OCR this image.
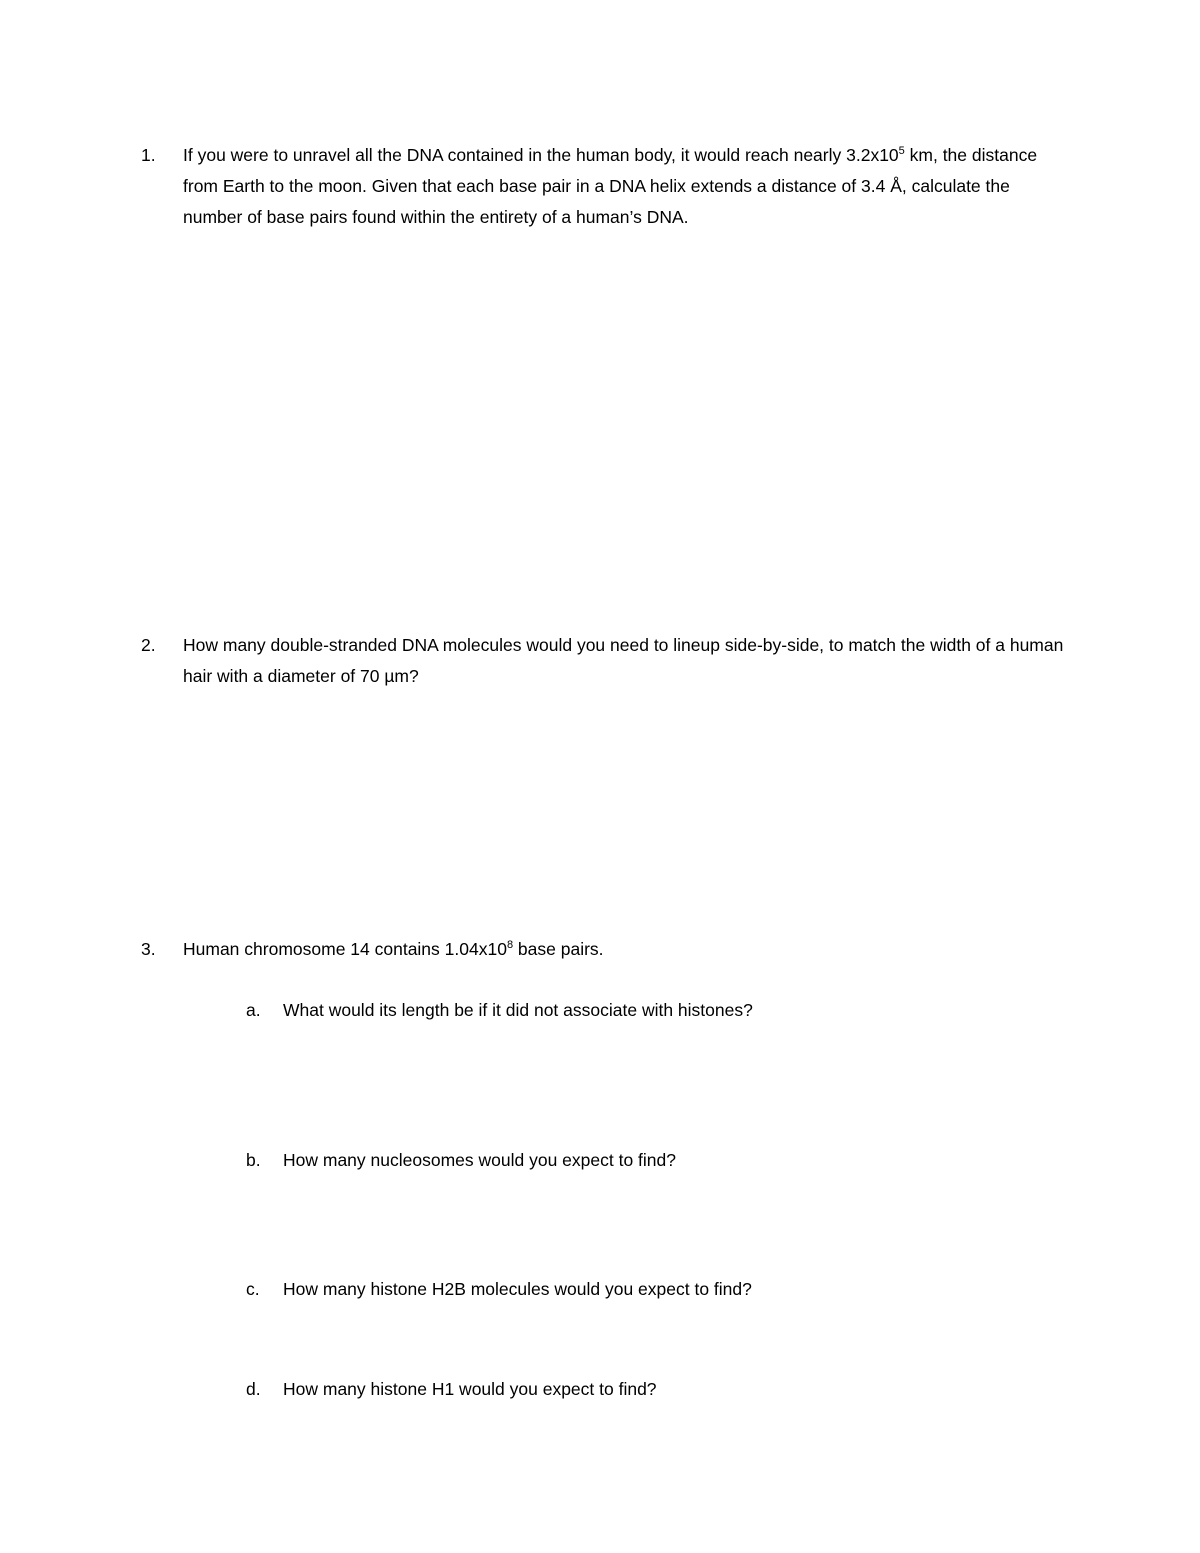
1.	If you were to unravel all the DNA contained in the human body, it would reach nearly $3.2x10^5$ km, the distance from Earth to the moon. Given that each base pair in a DNA helix extends a distance of 3.4 Å, calculate the number of base pairs found within the entirety of a human’s DNA.
2.	How many double-stranded DNA molecules would you need to lineup side-by-side, to match the width of a human hair with a diameter of 70 µm?
3.	Human chromosome 14 contains $1.04x10^8$ base pairs.
a.	What would its length be if it did not associate with histones?
b.	How many nucleosomes would you expect to find?
c.	How many histone H2B molecules would you expect to find?
d.	How many histone H1 would you expect to find?
